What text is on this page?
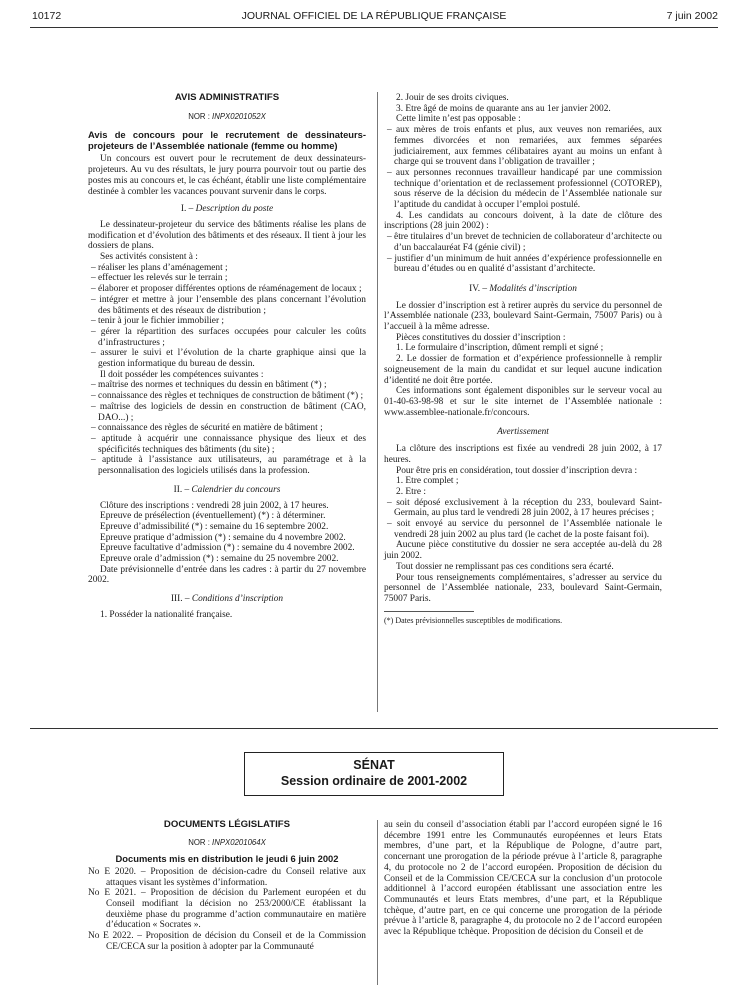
10172	JOURNAL OFFICIEL DE LA RÉPUBLIQUE FRANÇAISE	7 juin 2002
AVIS ADMINISTRATIFS
NOR : INPX0201052X
Avis de concours pour le recrutement de dessinateurs-projeteurs de l’Assemblée nationale (femme ou homme)

Un concours est ouvert pour le recrutement de deux dessinateurs-projeteurs. Au vu des résultats, le jury pourra pourvoir tout ou partie des postes mis au concours et, le cas échéant, établir une liste complémentaire destinée à combler les vacances pouvant survenir dans le corps.

I. – Description du poste

Le dessinateur-projeteur du service des bâtiments réalise les plans de modification et d’évolution des bâtiments et des réseaux. Il tient à jour les dossiers de plans.

Ses activités consistent à :

– réaliser les plans d’aménagement ;

– effectuer les relevés sur le terrain ;

– élaborer et proposer différentes options de réaménagement de locaux ;

– intégrer et mettre à jour l’ensemble des plans concernant l’évolution des bâtiments et des réseaux de distribution ;

– tenir à jour le fichier immobilier ;

– gérer la répartition des surfaces occupées pour calculer les coûts d’infrastructures ;

– assurer le suivi et l’évolution de la charte graphique ainsi que la gestion informatique du bureau de dessin.

Il doit posséder les compétences suivantes :

– maîtrise des normes et techniques du dessin en bâtiment (*) ;

– connaissance des règles et techniques de construction de bâtiment (*) ;

– maîtrise des logiciels de dessin en construction de bâtiment (CAO, DAO...) ;

– connaissance des règles de sécurité en matière de bâtiment ;

– aptitude à acquérir une connaissance physique des lieux et des spécificités techniques des bâtiments (du site) ;

– aptitude à l’assistance aux utilisateurs, au paramétrage et à la personnalisation des logiciels utilisés dans la profession.

II. – Calendrier du concours

Clôture des inscriptions : vendredi 28 juin 2002, à 17 heures.

Epreuve de présélection (éventuellement) (*) : à déterminer.

Epreuve d’admissibilité (*) : semaine du 16 septembre 2002.

Epreuve pratique d’admission (*) : semaine du 4 novembre 2002.

Epreuve facultative d’admission (*) : semaine du 4 novembre 2002.

Epreuve orale d’admission (*) : semaine du 25 novembre 2002.

Date prévisionnelle d’entrée dans les cadres : à partir du 27 novembre 2002.

III. – Conditions d’inscription

1. Posséder la nationalité française.

2. Jouir de ses droits civiques.

3. Etre âgé de moins de quarante ans au 1er janvier 2002.

Cette limite n’est pas opposable :

– aux mères de trois enfants et plus, aux veuves non remariées, aux femmes divorcées et non remariées, aux femmes séparées judiciairement, aux femmes célibataires ayant au moins un enfant à charge qui se trouvent dans l’obligation de travailler ;

– aux personnes reconnues travailleur handicapé par une commission technique d’orientation et de reclassement professionnel (COTOREP), sous réserve de la décision du médecin de l’Assemblée nationale sur l’aptitude du candidat à occuper l’emploi postulé.

4. Les candidats au concours doivent, à la date de clôture des inscriptions (28 juin 2002) :

– être titulaires d’un brevet de technicien de collaborateur d’architecte ou d’un baccalauréat F4 (génie civil) ;

– justifier d’un minimum de huit années d’expérience professionnelle en bureau d’études ou en qualité d’assistant d’architecte.

IV. – Modalités d’inscription

Le dossier d’inscription est à retirer auprès du service du personnel de l’Assemblée nationale (233, boulevard Saint-Germain, 75007 Paris) ou à l’accueil à la même adresse.

Pièces constitutives du dossier d’inscription :

1. Le formulaire d’inscription, dûment rempli et signé ;

2. Le dossier de formation et d’expérience professionnelle à remplir soigneusement de la main du candidat et sur lequel aucune indication d’identité ne doit être portée.

Ces informations sont également disponibles sur le serveur vocal au 01-40-63-98-98 et sur le site internet de l’Assemblée nationale : www.assemblee-nationale.fr/concours.

Avertissement

La clôture des inscriptions est fixée au vendredi 28 juin 2002, à 17 heures.

Pour être pris en considération, tout dossier d’inscription devra :

1. Etre complet ;

2. Etre :

– soit déposé exclusivement à la réception du 233, boulevard Saint-Germain, au plus tard le vendredi 28 juin 2002, à 17 heures précises ;

– soit envoyé au service du personnel de l’Assemblée nationale le vendredi 28 juin 2002 au plus tard (le cachet de la poste faisant foi).

Aucune pièce constitutive du dossier ne sera acceptée au-delà du 28 juin 2002.

Tout dossier ne remplissant pas ces conditions sera écarté.

Pour tous renseignements complémentaires, s’adresser au service du personnel de l’Assemblée nationale, 233, boulevard Saint-Germain, 75007 Paris.

(*) Dates prévisionnelles susceptibles de modifications.

SÉNAT
Session ordinaire de 2001-2002
DOCUMENTS LÉGISLATIFS
NOR : INPX0201064X
Documents mis en distribution le jeudi 6 juin 2002

No E 2020. – Proposition de décision-cadre du Conseil relative aux attaques visant les systèmes d’information.

No E 2021. – Proposition de décision du Parlement européen et du Conseil modifiant la décision no 253/2000/CE établissant la deuxième phase du programme d’action communautaire en matière d’éducation « Socrates ».

No E 2022. – Proposition de décision du Conseil et de la Commission CE/CECA sur la position à adopter par la Communauté

au sein du conseil d’association établi par l’accord européen signé le 16 décembre 1991 entre les Communautés européennes et leurs Etats membres, d’une part, et la République de Pologne, d’autre part, concernant une prorogation de la période prévue à l’article 8, paragraphe 4, du protocole no 2 de l’accord européen. Proposition de décision du Conseil et de la Commission CE/CECA sur la conclusion d’un protocole additionnel à l’accord européen établissant une association entre les Communautés et leurs Etats membres, d’une part, et la République tchèque, d’autre part, en ce qui concerne une prorogation de la période prévue à l’article 8, paragraphe 4, du protocole no 2 de l’accord européen avec la République tchèque. Proposition de décision du Conseil et de
